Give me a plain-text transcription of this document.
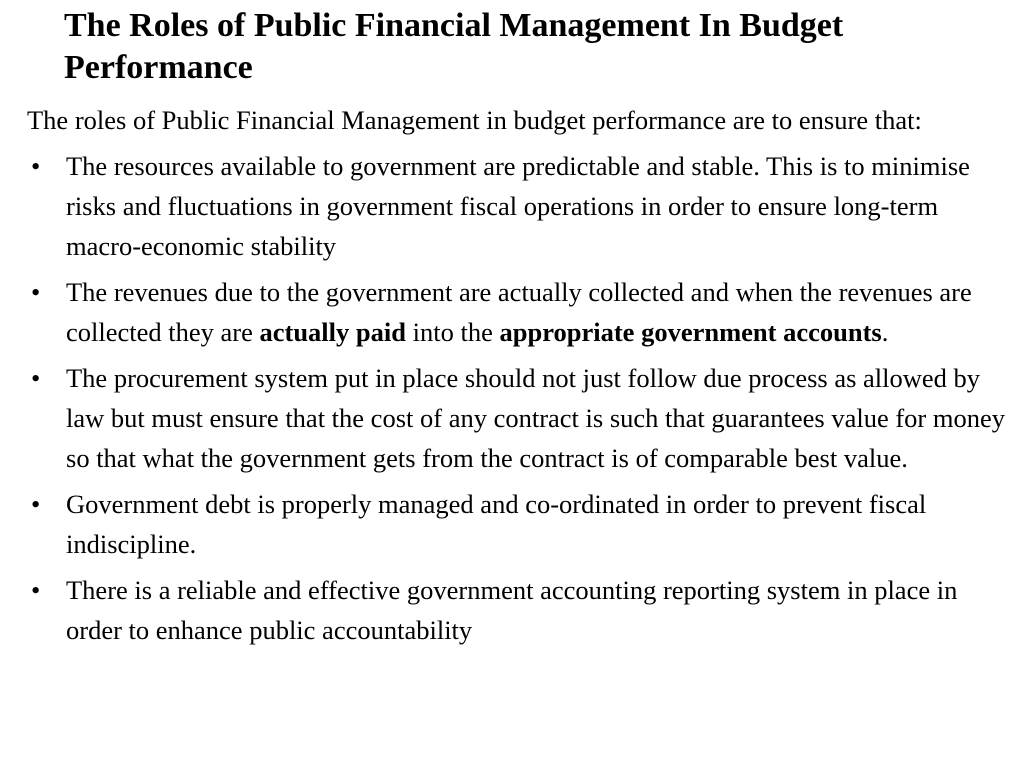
The Roles of Public Financial Management In Budget Performance

The roles of Public Financial Management in budget performance are to ensure that:

• The resources available to government are predictable and stable. This is to minimise risks and fluctuations in government fiscal operations in order to ensure long-term macro-economic stability
• The revenues due to the government are actually collected and when the revenues are collected they are actually paid into the appropriate government accounts.
• The procurement system put in place should not just follow due process as allowed by law but must ensure that the cost of any contract is such that guarantees value for money so that what the government gets from the contract is of comparable best value.
• Government debt is properly managed and co-ordinated in order to prevent fiscal indiscipline.
• There is a reliable and effective government accounting reporting system in place in order to enhance public accountability
